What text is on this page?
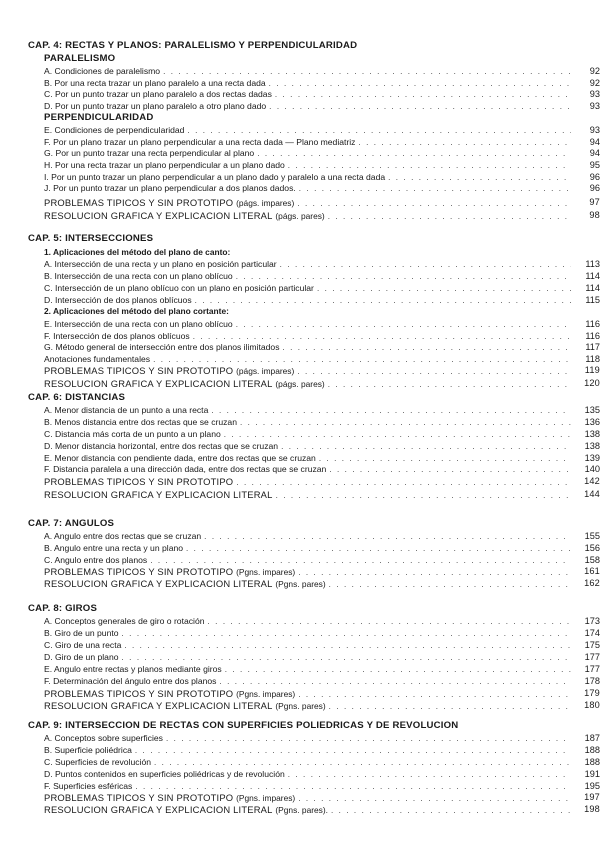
CAP. 4: RECTAS Y PLANOS: PARALELISMO Y PERPENDICULARIDAD
PARALELISMO
A. Condiciones de paralelismo . . .	92
B. Por una recta trazar un plano paralelo a una recta dada . . .	92
C. Por un punto trazar un plano paralelo a dos rectas dadas . . .	93
D. Por un punto trazar un plano paralelo a otro plano dado . . .	93
PERPENDICULARIDAD
E. Condiciones de perpendicularidad . . .	93
F. Por un plano trazar un plano perpendicular a una recta dada — Plano mediatriz . . .	94
G. Por un punto trazar una recta perpendicular al plano . . .	94
H. Por una recta trazar un plano perpendicular a un plano dado . . .	95
I. Por un punto trazar un plano perpendicular a un plano dado y paralelo a una recta dada . . .	96
J. Por un punto trazar un plano perpendicular a dos planos dados. . . .	96
PROBLEMAS TIPICOS Y SIN PROTOTIPO
(págs. impares) . . .	97
RESOLUCION GRAFICA Y EXPLICACION LITERAL
(págs. pares) . . .	98
CAP. 5: INTERSECCIONES
1. Aplicaciones del método del plano de canto:
A. Intersección de una recta y un plano en posición particular . . .	113
B. Intersección de una recta con un plano oblícuo . . .	114
C. Intersección de un plano oblícuo con un plano en posición particular . . .	114
D. Intersección de dos planos oblícuos . . .	115
2. Aplicaciones del método del plano cortante:
E. Intersección de una recta con un plano oblícuo . . .	116
F. Intersección de dos planos oblícuos . . .	116
G. Método general de intersección entre dos planos ilimitados . . .	117
Anotaciones fundamentales . . .	118
PROBLEMAS TIPICOS Y SIN PROTOTIPO
(págs. impares) . . .	119
RESOLUCION GRAFICA Y EXPLICACION LITERAL
(págs. pares) . . .	120
CAP. 6: DISTANCIAS
A. Menor distancia de un punto a una recta . . .	135
B. Menos distancia entre dos rectas que se cruzan . . .	136
C. Distancia más corta de un punto a un plano . . .	138
D. Menor distancia horizontal, entre dos rectas que se cruzan . . .	138
E. Menor distancia con pendiente dada, entre dos rectas que se cruzan . . .	139
F. Distancia paralela a una dirección dada, entre dos rectas que se cruzan . . .	140
PROBLEMAS TIPICOS Y SIN PROTOTIPO . . .	142
RESOLUCION GRAFICA Y EXPLICACION LITERAL . . .	144
CAP. 7: ANGULOS
A. Angulo entre dos rectas que se cruzan . . .	155
B. Angulo entre una recta y un plano . . .	156
C. Angulo entre dos planos . . .	158
PROBLEMAS TIPICOS Y SIN PROTOTIPO
(Pgns. impares) . . .	161
RESOLUCION GRAFICA Y EXPLICACION LITERAL
(Pgns. pares) . . .	162
CAP. 8: GIROS
A. Conceptos generales de giro o rotación . . .	173
B. Giro de un punto . . .	174
C. Giro de una recta . . .	175
D. Giro de un plano . . .	177
E. Angulo entre rectas y planos mediante giros . . .	177
F. Determinación del ángulo entre dos planos . . .	178
PROBLEMAS TIPICOS Y SIN PROTOTIPO
(Pgns. impares) . . .	179
RESOLUCION GRAFICA Y EXPLICACION LITERAL
(Pgns. pares) . . .	180
CAP. 9: INTERSECCION DE RECTAS CON SUPERFICIES POLIEDRICAS Y DE REVOLUCION
A. Conceptos sobre superficies . . .	187
B. Superficie poliédrica . . .	188
C. Superficies de revolución . . .	188
D. Puntos contenidos en superficies poliédricas y de revolución . . .	191
F. Superficies esféricas . . .	195
PROBLEMAS TIPICOS Y SIN PROTOTIPO
(Pgns. impares) . . .	197
RESOLUCION GRAFICA Y EXPLICACION LITERAL
(Pgns. pares). . . .	198
